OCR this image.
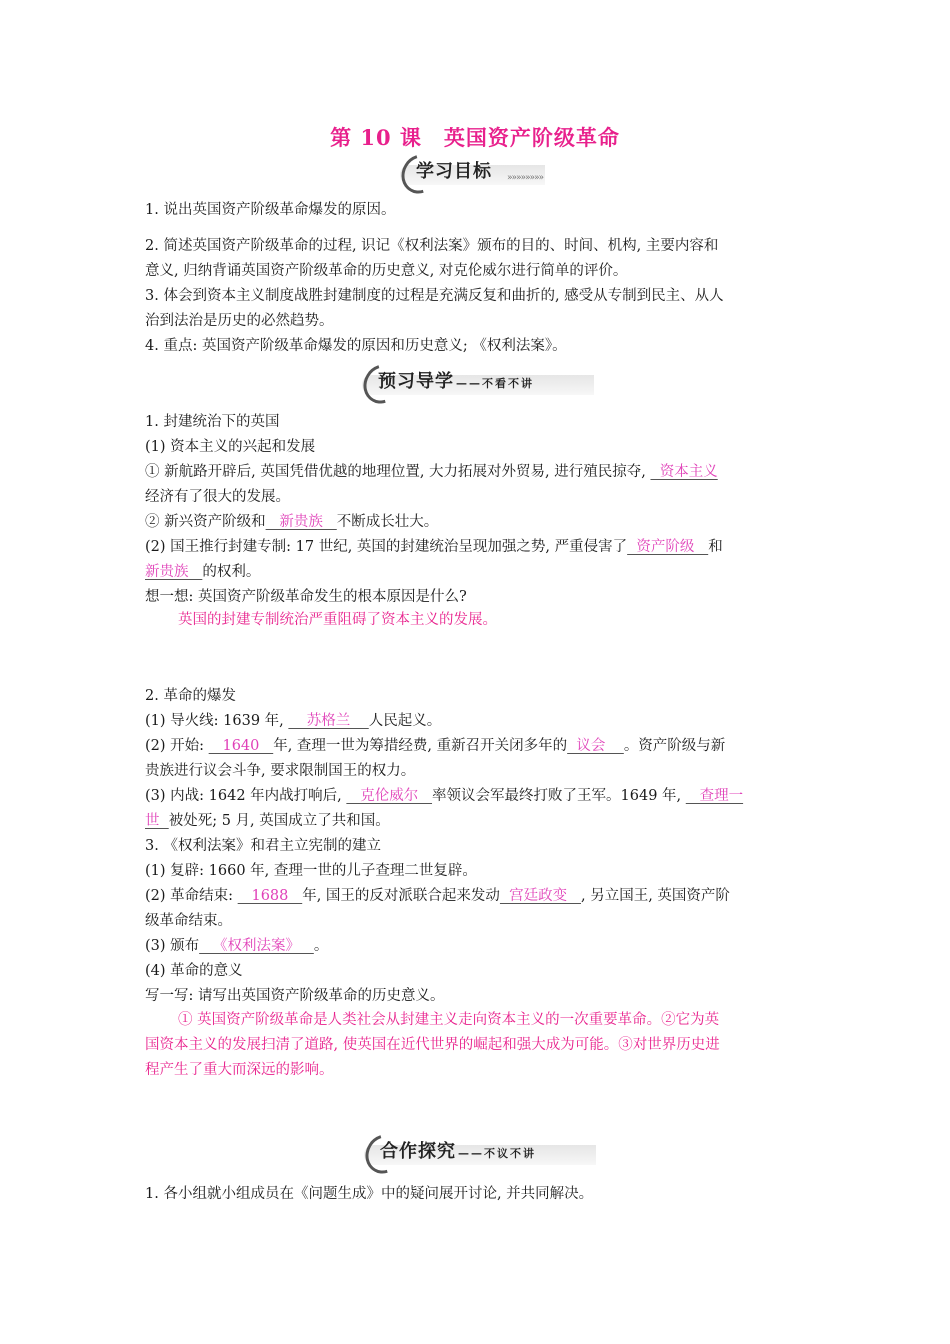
第 10 课　英国资产阶级革命
学习目标 »»»»»»»»
1. 说出英国资产阶级革命爆发的原因。
2. 简述英国资产阶级革命的过程, 识记《权利法案》颁布的目的、时间、机构, 主要内容和
意义, 归纳背诵英国资产阶级革命的历史意义, 对克伦威尔进行简单的评价。
3. 体会到资本主义制度战胜封建制度的过程是充满反复和曲折的, 感受从专制到民主、从人
治到法治是历史的必然趋势。
4. 重点: 英国资产阶级革命爆发的原因和历史意义; 《权利法案》。
预习导学 ——不看不讲
1. 封建统治下的英国
(1) 资本主义的兴起和发展
① 新航路开辟后, 英国凭借优越的地理位置, 大力拓展对外贸易, 进行殖民掠夺,   资本主义
经济有了很大的发展。
② 新兴资产阶级和   新贵族   不断成长壮大。
(2) 国王推行封建专制: 17 世纪, 英国的封建统治呈现加强之势, 严重侵害了  资产阶级   和
新贵族   的权利。
想一想: 英国资产阶级革命发生的根本原因是什么?
英国的封建专制统治严重阻碍了资本主义的发展。
2. 革命的爆发
(1) 导火线: 1639 年,     苏格兰    人民起义。
(2) 开始:    1640   年, 查理一世为筹措经费, 重新召开关闭多年的  议会    。资产阶级与新
贵族进行议会斗争, 要求限制国王的权力。
(3) 内战: 1642 年内战打响后,    克伦威尔   率领议会军最终打败了王军。1649 年,    查理一
世  被处死; 5 月, 英国成立了共和国。
3. 《权利法案》和君主立宪制的建立
(1) 复辟: 1660 年, 查理一世的儿子查理二世复辟。
(2) 革命结束:    1688   年, 国王的反对派联合起来发动  宫廷政变   , 另立国王, 英国资产阶
级革命结束。
(3) 颁布   《权利法案》   。
(4) 革命的意义
写一写: 请写出英国资产阶级革命的历史意义。
① 英国资产阶级革命是人类社会从封建主义走向资本主义的一次重要革命。②它为英
国资本主义的发展扫清了道路, 使英国在近代世界的崛起和强大成为可能。③对世界历史进
程产生了重大而深远的影响。
合作探究 ——不议不讲
1. 各小组就小组成员在《问题生成》中的疑问展开讨论, 并共同解决。
